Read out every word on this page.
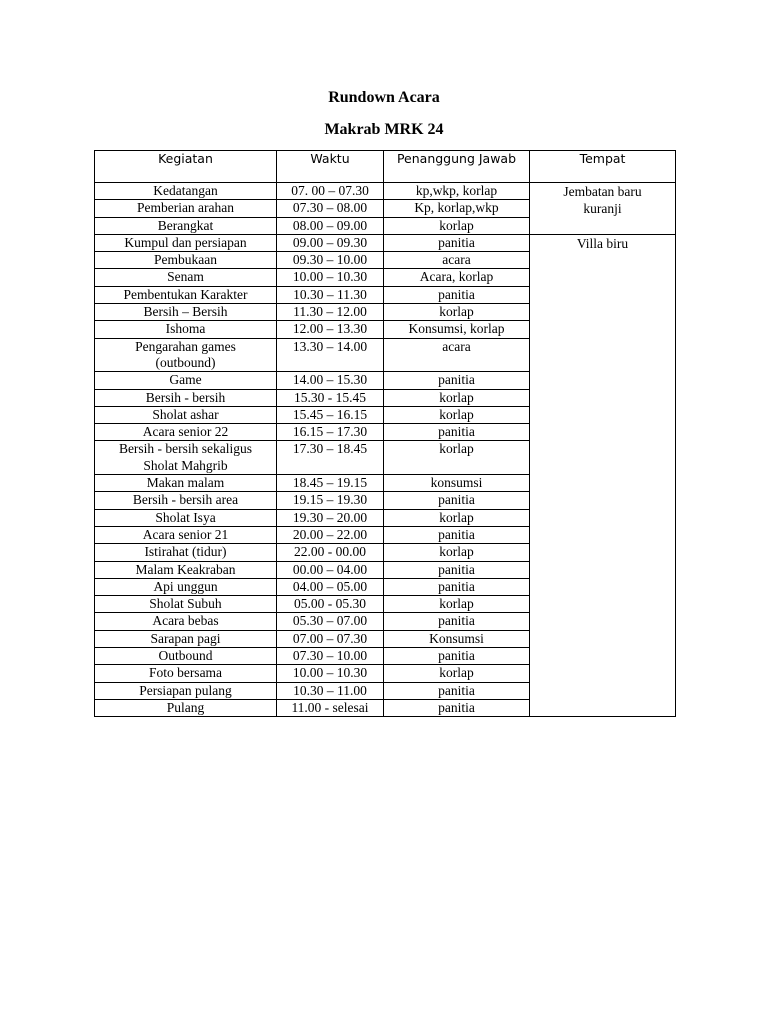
Rundown Acara
Makrab MRK 24
Kegiatan	Waktu	Penanggung Jawab	Tempat
Kedatangan	07. 00 – 07.30	kp,wkp, korlap	Jembatan baru
kuranji
Pemberian arahan	07.30 – 08.00	Kp, korlap,wkp	
Berangkat	08.00 – 09.00	korlap	
Kumpul dan persiapan	09.00 – 09.30	panitia	Villa biru
Pembukaan	09.30 – 10.00	acara	
Senam	10.00 – 10.30	Acara, korlap	
Pembentukan Karakter	10.30 – 11.30	panitia	
Bersih – Bersih	11.30 – 12.00	korlap	
Ishoma	12.00 – 13.30	Konsumsi, korlap	
Pengarahan games
(outbound)	13.30 – 14.00	acara	
Game	14.00 – 15.30	panitia	
Bersih - bersih	15.30 - 15.45	korlap	
Sholat ashar	15.45 – 16.15	korlap	
Acara senior 22	16.15 – 17.30	panitia	
Bersih - bersih sekaligus
Sholat Mahgrib	17.30 – 18.45	korlap	
Makan malam	18.45 – 19.15	konsumsi	
Bersih - bersih area	19.15 – 19.30	panitia	
Sholat Isya	19.30 – 20.00	korlap	
Acara senior 21	20.00 – 22.00	panitia	
Istirahat (tidur)	22.00 - 00.00	korlap	
Malam Keakraban	00.00 – 04.00	panitia	
Api unggun	04.00 – 05.00	panitia	
Sholat Subuh	05.00 - 05.30	korlap	
Acara bebas	05.30 – 07.00	panitia	
Sarapan pagi	07.00 – 07.30	Konsumsi	
Outbound	07.30 – 10.00	panitia	
Foto bersama	10.00 – 10.30	korlap	
Persiapan pulang	10.30 – 11.00	panitia	
Pulang	11.00 - selesai	panitia	
